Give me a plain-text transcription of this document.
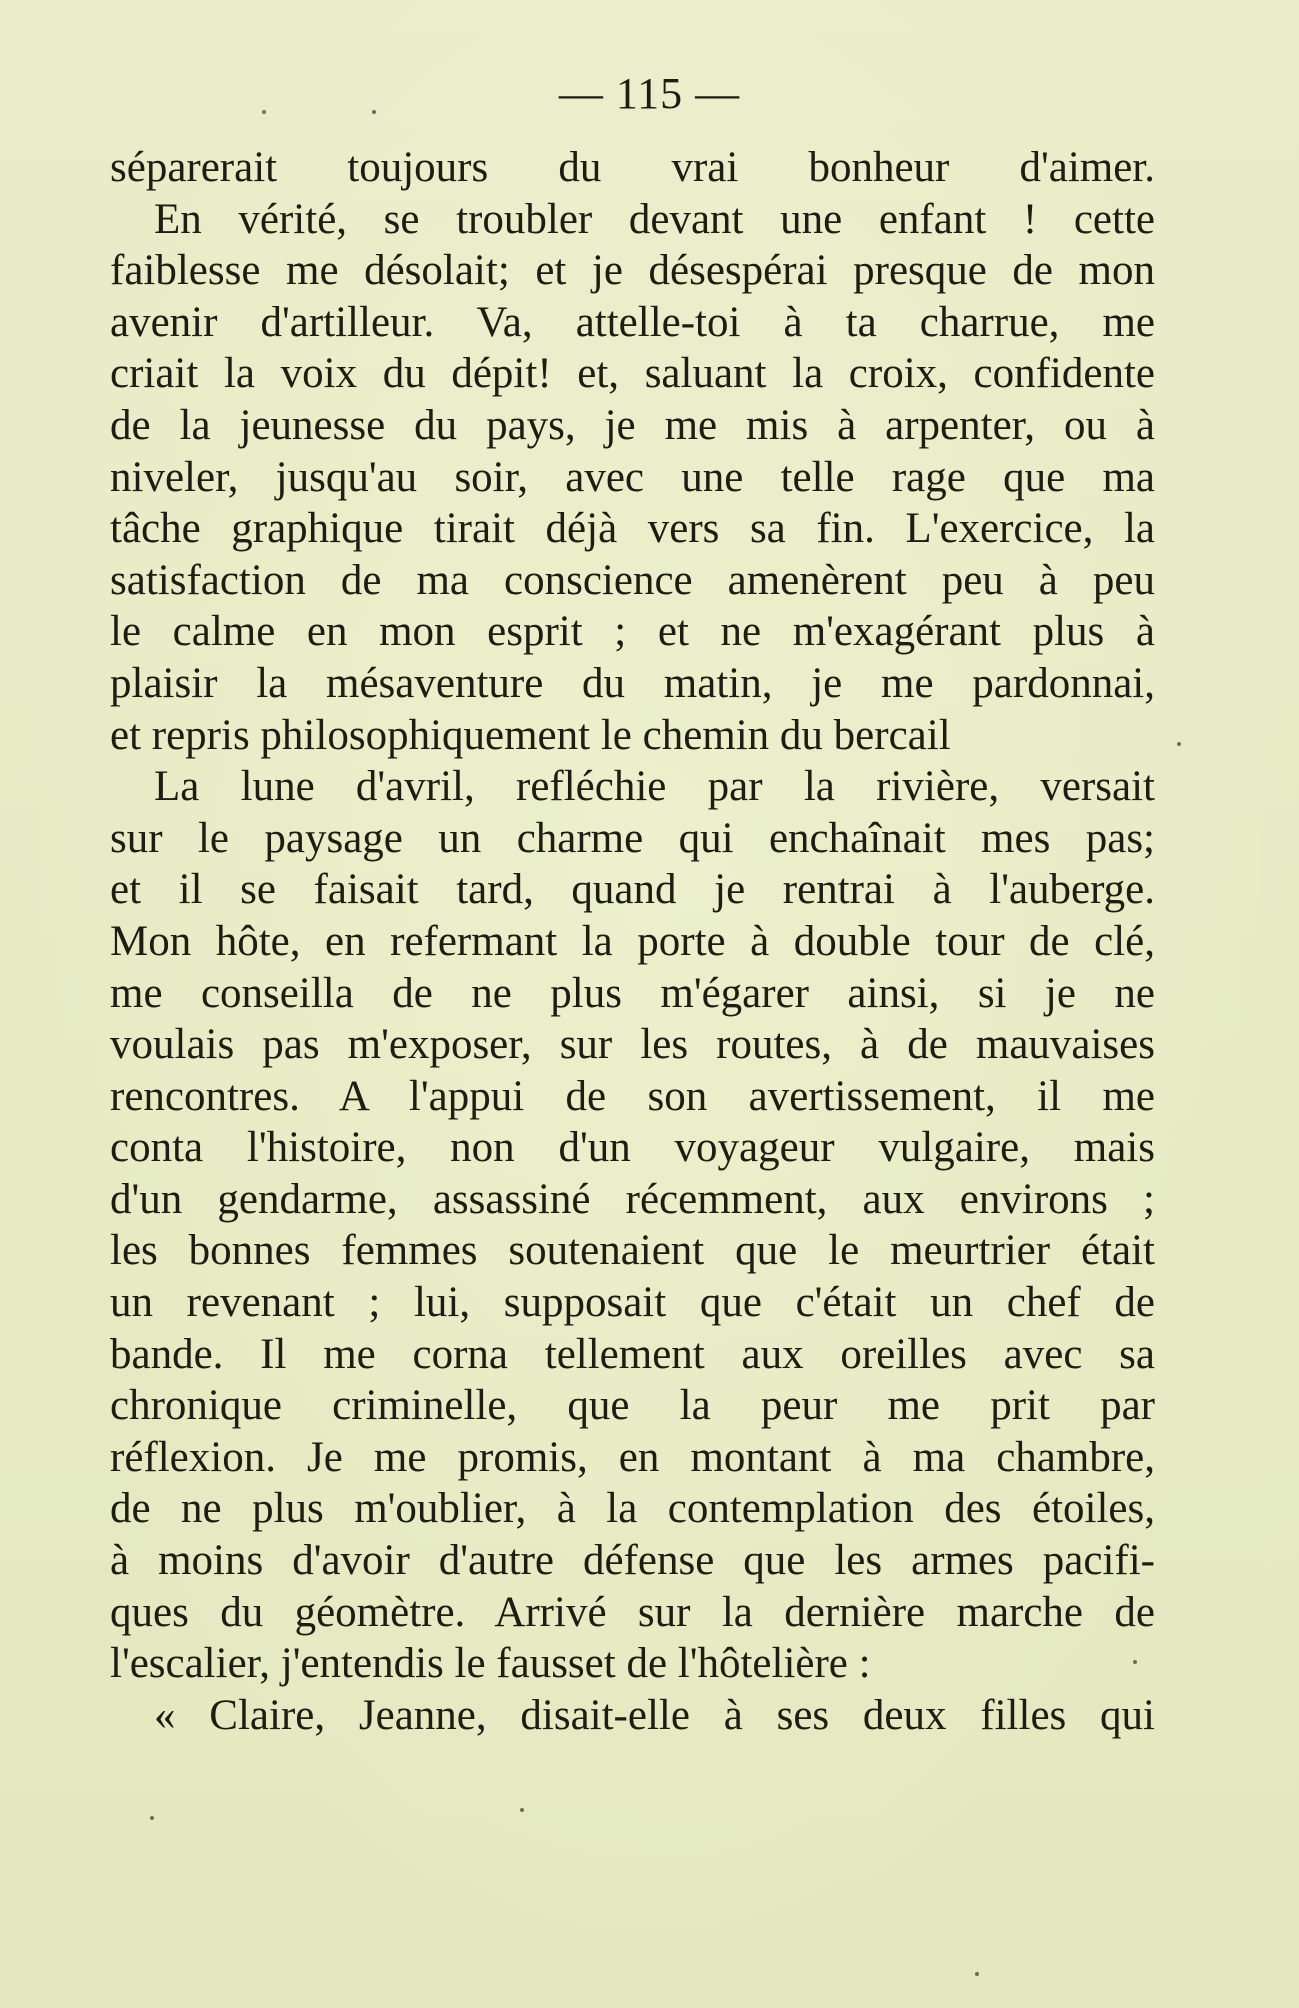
— 115 —
séparerait toujours du vrai bonheur d'aimer.
En vérité, se troubler devant une enfant ! cette
faiblesse me désolait; et je désespérai presque de mon
avenir d'artilleur. Va, attelle-toi à ta charrue, me
criait la voix du dépit! et, saluant la croix, confidente
de la jeunesse du pays, je me mis à arpenter, ou à
niveler, jusqu'au soir, avec une telle rage que ma
tâche graphique tirait déjà vers sa fin. L'exercice, la
satisfaction de ma conscience amenèrent peu à peu
le calme en mon esprit ; et ne m'exagérant plus à
plaisir la mésaventure du matin, je me pardonnai,
et repris philosophiquement le chemin du bercail
La lune d'avril, refléchie par la rivière, versait
sur le paysage un charme qui enchaînait mes pas;
et il se faisait tard, quand je rentrai à l'auberge.
Mon hôte, en refermant la porte à double tour de clé,
me conseilla de ne plus m'égarer ainsi, si je ne
voulais pas m'exposer, sur les routes, à de mauvaises
rencontres. A l'appui de son avertissement, il me
conta l'histoire, non d'un voyageur vulgaire, mais
d'un gendarme, assassiné récemment, aux environs ;
les bonnes femmes soutenaient que le meurtrier était
un revenant ; lui, supposait que c'était un chef de
bande. Il me corna tellement aux oreilles avec sa
chronique criminelle, que la peur me prit par
réflexion. Je me promis, en montant à ma chambre,
de ne plus m'oublier, à la contemplation des étoiles,
à moins d'avoir d'autre défense que les armes pacifi-
ques du géomètre. Arrivé sur la dernière marche de
l'escalier, j'entendis le fausset de l'hôtelière :
« Claire, Jeanne, disait-elle à ses deux filles qui
